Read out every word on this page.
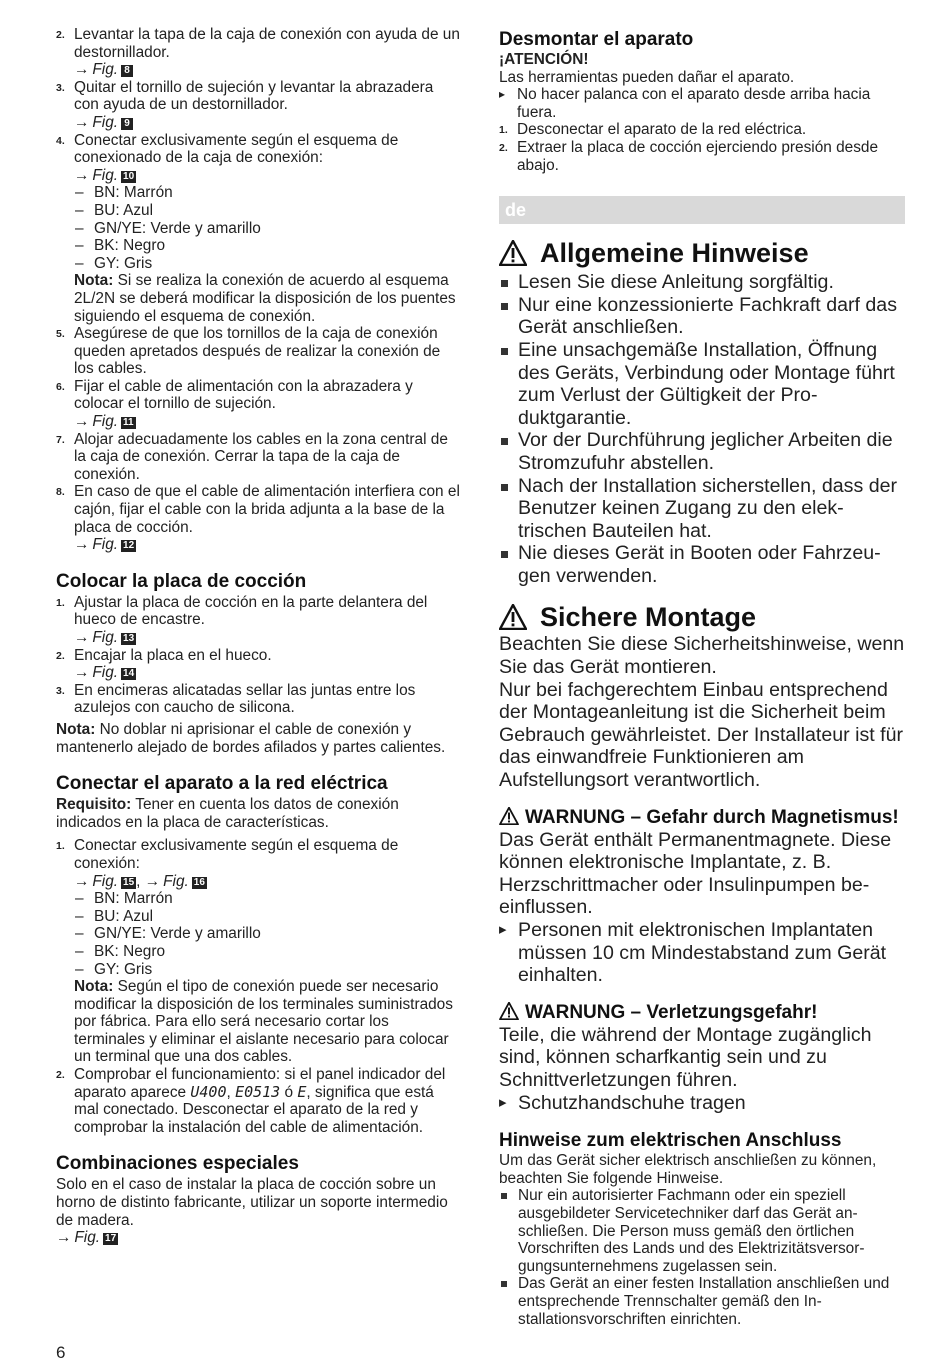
2. Levantar la tapa de la caja de conexión con ayuda de un destornillador.
→ Fig. 8
3. Quitar el tornillo de sujeción y levantar la abrazadera con ayuda de un destornillador.
→ Fig. 9
4. Conectar exclusivamente según el esquema de conexionado de la caja de conexión:
→ Fig. 10
– BN: Marrón
– BU: Azul
– GN/YE: Verde y amarillo
– BK: Negro
– GY: Gris

Nota: Si se realiza la conexión de acuerdo al esquema 2L/2N se deberá modificar la disposición de los puentes siguiendo el esquema de conexión.

5. Asegúrese de que los tornillos de la caja de conexión queden apretados después de realizar la conexión de los cables.
6. Fijar el cable de alimentación con la abrazadera y colocar el tornillo de sujeción.
→ Fig. 11
7. Alojar adecuadamente los cables en la zona central de la caja de conexión. Cerrar la tapa de la caja de conexión.
8. En caso de que el cable de alimentación interfiera con el cajón, fijar el cable con la brida adjunta a la base de la placa de cocción.
→ Fig. 12
Colocar la placa de cocción
1. Ajustar la placa de cocción en la parte delantera del hueco de encastre.
→ Fig. 13
2. Encajar la placa en el hueco.
→ Fig. 14
3. En encimeras alicatadas sellar las juntas entre los azulejos con caucho de silicona.

Nota: No doblar ni aprisionar el cable de conexión y mantenerlo alejado de bordes afilados y partes calientes.

Conectar el aparato a la red eléctrica

Requisito: Tener en cuenta los datos de conexión indicados en la placa de características.

1. Conectar exclusivamente según el esquema de conexión:
→ Fig. 15 , → Fig. 16
– BN: Marrón
– BU: Azul
– GN/YE: Verde y amarillo
– BK: Negro
– GY: Gris

Nota: Según el tipo de conexión puede ser necesario modificar la disposición de los terminales suministrados por fábrica. Para ello será necesario cortar los terminales y eliminar el aislante necesario para colocar un terminal que una dos cables.

2. Comprobar el funcionamiento: si el panel indicador del aparato aparece U400, E0513 ó E, significa que está mal conectado. Desconectar el aparato de la red y comprobar la instalación del cable de alimentación.
Combinaciones especiales

Solo en el caso de instalar la placa de cocción sobre un horno de distinto fabricante, utilizar un soporte intermedio de madera.

→ Fig. 17
Desmontar el aparato

¡ATENCIÓN!

Las herramientas pueden dañar el aparato.

▸ No hacer palanca con el aparato desde arriba hacia fuera.
1. Desconectar el aparato de la red eléctrica.
2. Extraer la placa de cocción ejerciendo presión desde abajo.
de
Allgemeine Hinweise
Lesen Sie diese Anleitung sorgfältig.
Nur eine konzessionierte Fachkraft darf das Gerät anschließen.
Eine unsachgemäße Installation, Öffnung des Geräts, Verbindung oder Montage führt zum Verlust der Gültigkeit der Produktgarantie.
Vor der Durchführung jeglicher Arbeiten die Stromzufuhr abstellen.
Nach der Installation sicherstellen, dass der Benutzer keinen Zugang zu den elektrischen Bauteilen hat.
Nie dieses Gerät in Booten oder Fahrzeugen verwenden.
Sichere Montage

Beachten Sie diese Sicherheitshinweise, wenn Sie das Gerät montieren.

Nur bei fachgerechtem Einbau entsprechend der Montageanleitung ist die Sicherheit beim Gebrauch gewährleistet. Der Installateur ist für das einwandfreie Funktionieren am Aufstellungsort verantwortlich.

WARNUNG – Gefahr durch Magnetismus!

Das Gerät enthält Permanentmagnete. Diese können elektronische Implantate, z. B. Herzschrittmacher oder Insulinpumpen beeinflussen.

▸ Personen mit elektronischen Implantaten müssen 10 cm Mindestabstand zum Gerät einhalten.
WARNUNG – Verletzungsgefahr!

Teile, die während der Montage zugänglich sind, können scharfkantig sein und zu Schnittverletzungen führen.

▸ Schutzhandschuhe tragen
Hinweise zum elektrischen Anschluss

Um das Gerät sicher elektrisch anschließen zu können, beachten Sie folgende Hinweise.

Nur ein autorisierter Fachmann oder ein speziell ausgebildeter Servicetechniker darf das Gerät anschließen. Die Person muss gemäß den örtlichen Vorschriften des Lands und des Elektrizitätsversorgungsunternehmens zugelassen sein.
Das Gerät an einer festen Installation anschließen und entsprechende Trennschalter gemäß den Installationsvorschriften einrichten.
6
